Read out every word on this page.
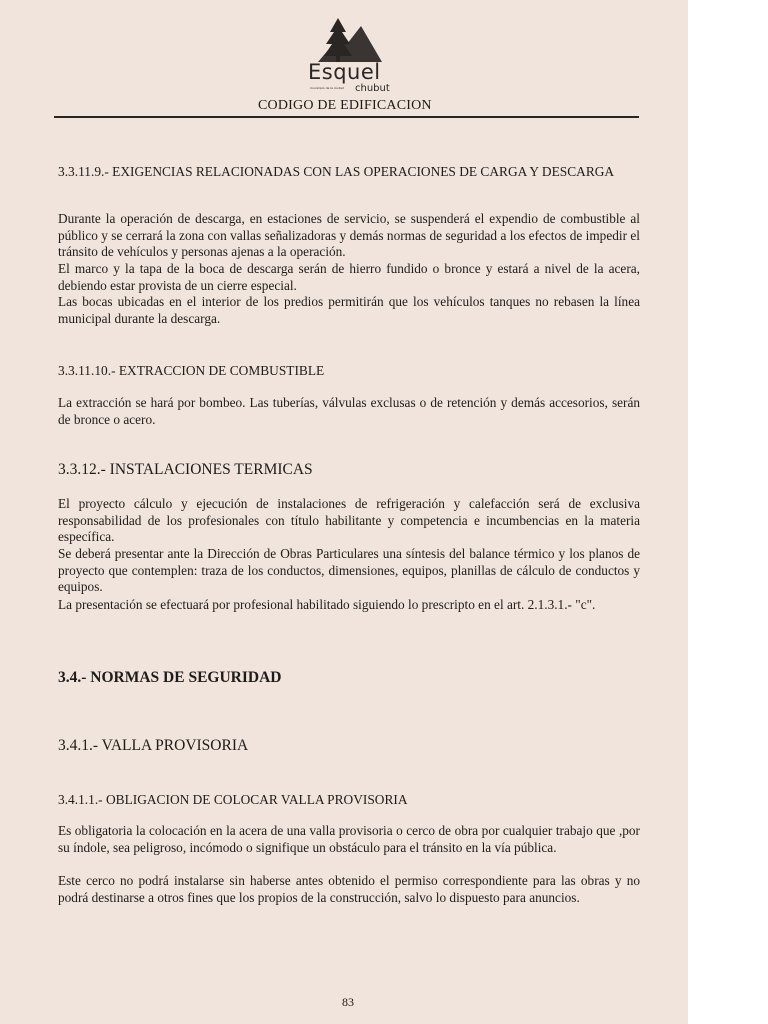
Esquel
chubut
municipio de la ciudad
CODIGO DE EDIFICACION
3.3.11.9.- EXIGENCIAS RELACIONADAS CON LAS OPERACIONES DE CARGA Y DESCARGA

Durante la operación de descarga, en estaciones de servicio, se suspenderá el expendio de combustible al público y se cerrará la zona con vallas señalizadoras y demás normas de seguridad a los efectos de impedir el tránsito de vehículos y personas ajenas a la operación.

El marco y la tapa de la boca de descarga serán de hierro fundido o bronce y estará a nivel de la acera, debiendo estar provista de un cierre especial.

Las bocas ubicadas en el interior de los predios permitirán que los vehículos tanques no rebasen la línea municipal durante la descarga.

3.3.11.10.- EXTRACCION DE COMBUSTIBLE

La extracción se hará por bombeo. Las tuberías, válvulas exclusas o de retención y demás accesorios, serán de bronce o acero.

3.3.12.- INSTALACIONES TERMICAS

El proyecto cálculo y ejecución de instalaciones de refrigeración y calefacción será de exclusiva responsabilidad de los profesionales con título habilitante y competencia e incumbencias en la materia específica.

Se deberá presentar ante la Dirección de Obras Particulares una síntesis del balance térmico y los planos de proyecto que contemplen: traza de los conductos, dimensiones, equipos, planillas de cálculo de conductos y equipos.

La presentación se efectuará por profesional habilitado siguiendo lo prescripto en el art. 2.1.3.1.- "c".

3.4.- NORMAS DE SEGURIDAD
3.4.1.- VALLA PROVISORIA
3.4.1.1.- OBLIGACION DE COLOCAR VALLA PROVISORIA

Es obligatoria la colocación en la acera de una valla provisoria o cerco de obra por cualquier trabajo que ,por su índole, sea peligroso, incómodo o signifique un obstáculo para el tránsito en la vía pública.

Este cerco no podrá instalarse sin haberse antes obtenido el permiso correspondiente para las obras y no podrá destinarse a otros fines que los propios de la construcción, salvo lo dispuesto para anuncios.

83
